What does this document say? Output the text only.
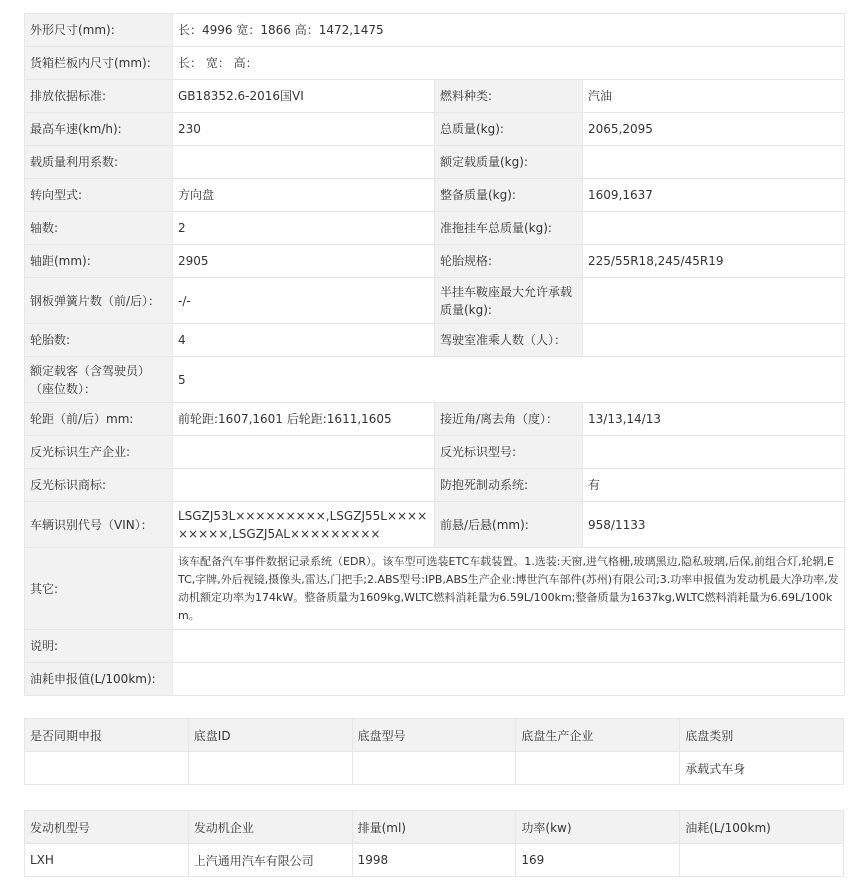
外形尺寸(mm):	长：4996 宽：1866 高：1472,1475		
货箱栏板内尺寸(mm):	长： 宽： 高：		
排放依据标准:	GB18352.6-2016国VI	燃料种类:	汽油
最高车速(km/h):	230	总质量(kg):	2065,2095
载质量利用系数:		额定载质量(kg):	
转向型式:	方向盘	整备质量(kg):	1609,1637
轴数:	2	准拖挂车总质量(kg):	
轴距(mm):	2905	轮胎规格:	225/55R18,245/45R19
钢板弹簧片数（前/后）：	-/-	半挂车鞍座最大允许承载质量(kg):	
轮胎数:	4	驾驶室准乘人数（人）：	
额定载客（含驾驶员）（座位数）：	5		
轮距（前/后）mm:	前轮距:1607,1601 后轮距:1611,1605	接近角/离去角（度）：	13/13,14/13
反光标识生产企业:		反光标识型号:	
反光标识商标:		防抱死制动系统:	有
车辆识别代号（VIN）：	LSGZJ53L×××××××××,LSGZJ55L×××××××××,LSGZJ5AL×××××××××	前悬/后悬(mm):	958/1133
其它:	该车配备汽车事件数据记录系统（EDR）。该车型可选装ETC车载装置。1.选装:天窗,进气格栅,玻璃黑边,隐私玻璃,后保,前组合灯,轮辋,ETC,字牌,外后视镜,摄像头,雷达,门把手;2.ABS型号:IPB,ABS生产企业:博世汽车部件(苏州)有限公司;3.功率申报值为发动机最大净功率,发动机额定功率为174kW。整备质量为1609kg,WLTC燃料消耗量为6.59L/100km;整备质量为1637kg,WLTC燃料消耗量为6.69L/100km。		
说明:			
油耗申报值(L/100km):			
是否同期申报	底盘ID	底盘型号	底盘生产企业	底盘类别
				承载式车身
发动机型号	发动机企业	排量(ml)	功率(kw)	油耗(L/100km)
LXH	上汽通用汽车有限公司	1998	169	
